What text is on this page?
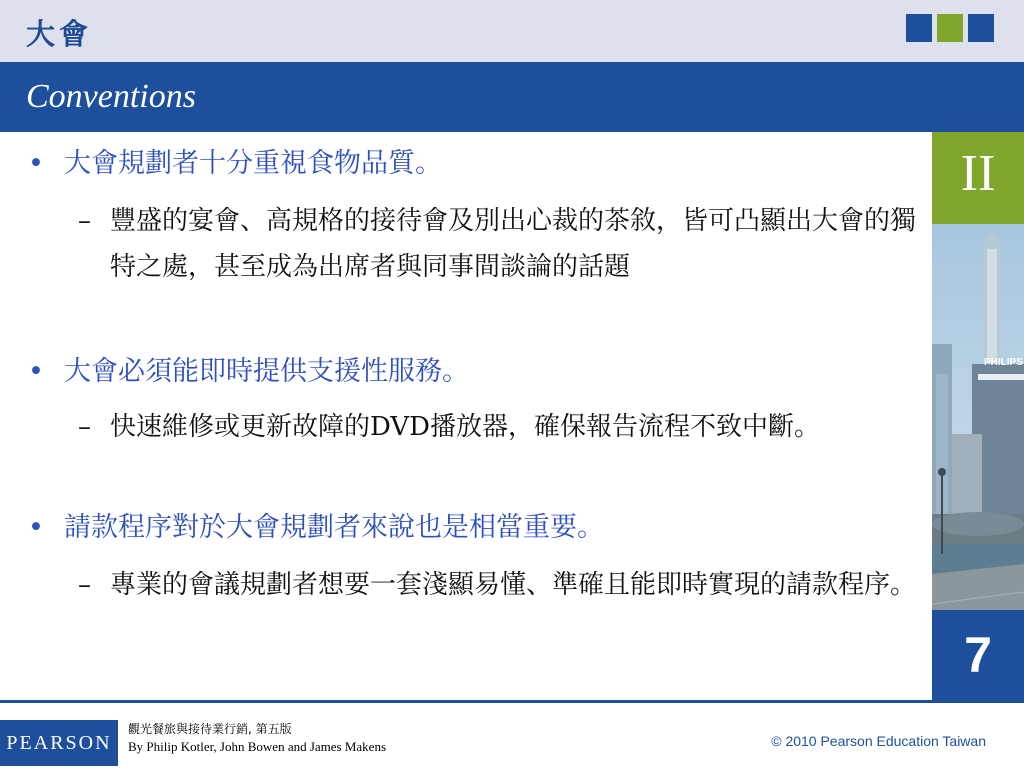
大會
Conventions
• 大會規劃者十分重視食物品質。
– 豐盛的宴會、高規格的接待會及別出心裁的茶敘，皆可凸顯出大會的獨特之處，甚至成為出席者與同事間談論的話題
• 大會必須能即時提供支援性服務。
– 快速維修或更新故障的DVD播放器，確保報告流程不致中斷。
• 請款程序對於大會規劃者來說也是相當重要。
– 專業的會議規劃者想要一套淺顯易懂、準確且能即時實現的請款程序。
II
PHILIPS
7
PEARSON
觀光餐旅與接待業行銷, 第五版
By Philip Kotler, John Bowen and James Makens	© 2010 Pearson Education Taiwan
